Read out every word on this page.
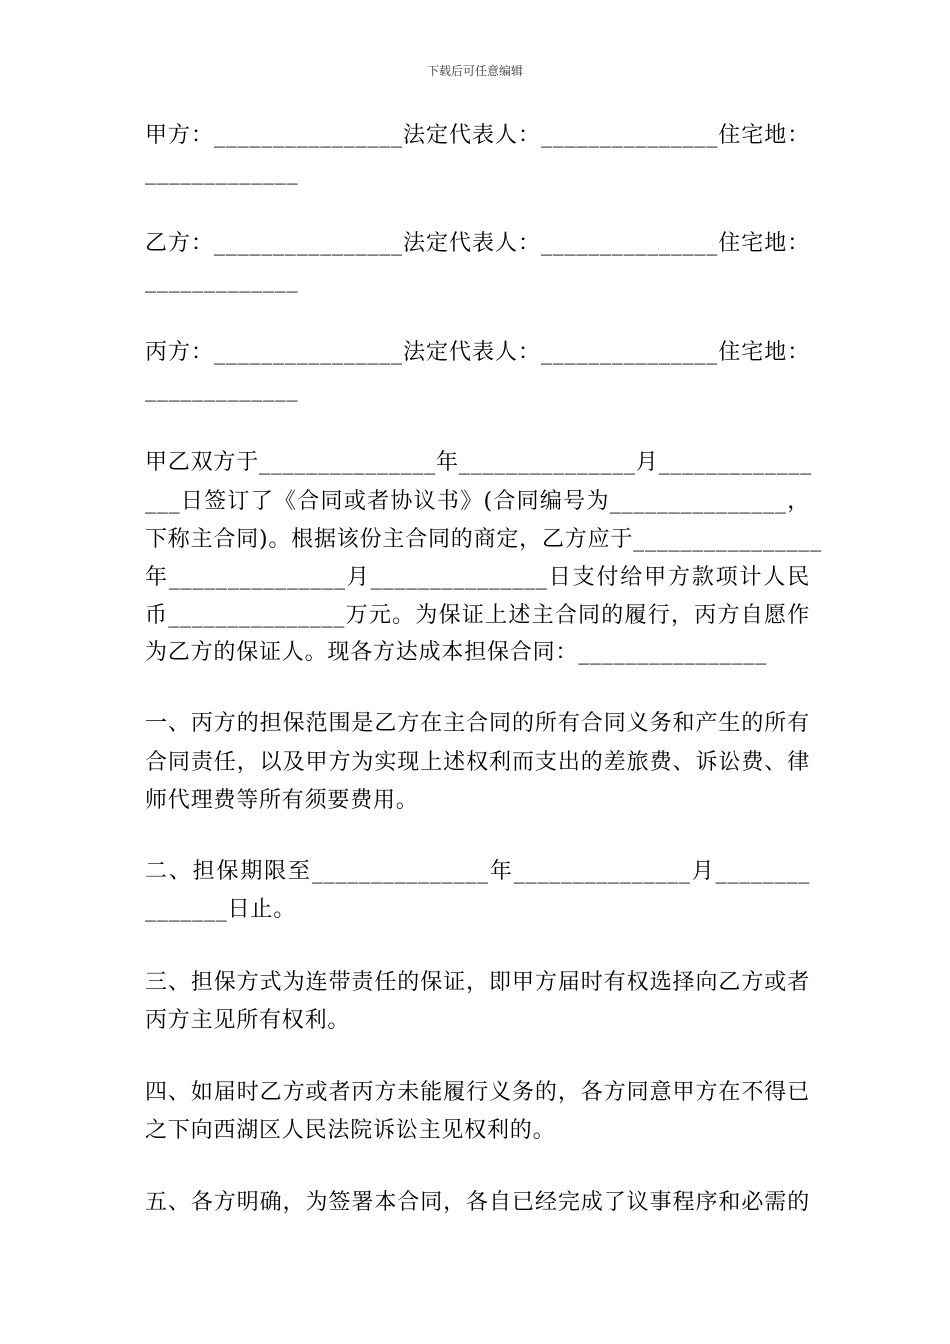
下载后可任意编辑
甲方：________________法定代表人：_______________住宅地：
_____________
乙方：________________法定代表人：_______________住宅地：
_____________
丙方：________________法定代表人：_______________住宅地：
_____________
甲乙双方于_______________年_______________月_____________
___日签订了《合同或者协议书》(合同编号为_______________，
下称主合同)。根据该份主合同的商定，乙方应于________________
年_______________月_______________日支付给甲方款项计人民
币_______________万元。为保证上述主合同的履行，丙方自愿作
为乙方的保证人。现各方达成本担保合同：________________
一、丙方的担保范围是乙方在主合同的所有合同义务和产生的所有
合同责任，以及甲方为实现上述权利而支出的差旅费、诉讼费、律
师代理费等所有须要费用。
二、担保期限至_______________年_______________月________
_______日止。
三、担保方式为连带责任的保证，即甲方届时有权选择向乙方或者
丙方主见所有权利。
四、如届时乙方或者丙方未能履行义务的，各方同意甲方在不得已
之下向西湖区人民法院诉讼主见权利的。
五、各方明确，为签署本合同，各自已经完成了议事程序和必需的
